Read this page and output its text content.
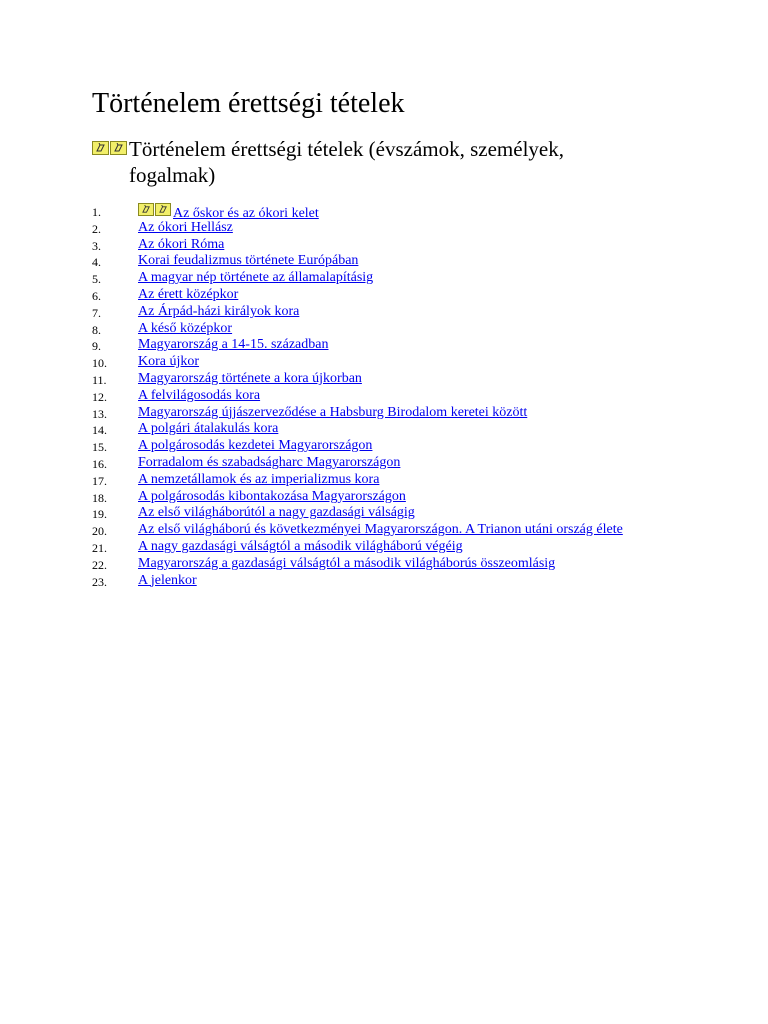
Történelem érettségi tételek
Történelem érettségi tételek (évszámok, személyek,
fogalmak)
1.	Az őskor és az ókori kelet
2.	Az ókori Hellász
3.	Az ókori Róma
4.	Korai feudalizmus története Európában
5.	A magyar nép története az államalapításig
6.	Az érett középkor
7.	Az Árpád-házi királyok kora
8.	A késő középkor
9.	Magyarország a 14-15. században
10.	Kora újkor
11.	Magyarország története a kora újkorban
12.	A felvilágosodás kora
13.	Magyarország újjászerveződése a Habsburg Birodalom keretei között
14.	A polgári átalakulás kora
15.	A polgárosodás kezdetei Magyarországon
16.	Forradalom és szabadságharc Magyarországon
17.	A nemzetállamok és az imperializmus kora
18.	A polgárosodás kibontakozása Magyarországon
19.	Az első világháborútól a nagy gazdasági válságig
20.	Az első világháború és következményei Magyarországon. A Trianon utáni ország élete
21.	A nagy gazdasági válságtól a második világháború végéig
22.	Magyarország a gazdasági válságtól a második világháborús összeomlásig
23.	A jelenkor
